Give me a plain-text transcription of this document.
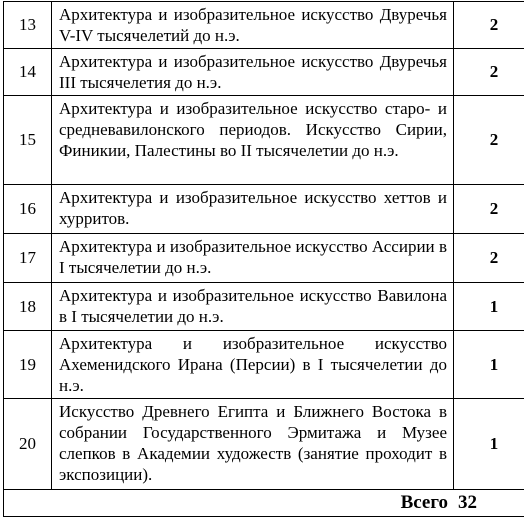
13	Архитектура и изобразительное искусство Двуречья V-IV тысячелетий до н.э.	2
14	Архитектура и изобразительное искусство Двуречья III тысячелетия до н.э.	2
15	Архитектура и изобразительное искусство старо- и средневавилонского периодов. Искусство Сирии, Финикии, Палестины во II тысячелетии до н.э.	2
16	Архитектура и изобразительное искусство хеттов и хурритов.	2
17	Архитектура и изобразительное искусство Ассирии в I тысячелетии до н.э.	2
18	Архитектура и изобразительное искусство Вавилона в I тысячелетии до н.э.	1
19	Архитектура и изобразительное искусство Ахеменидского Ирана (Персии) в I тысячелетии до н.э.	1
20	Искусство Древнего Египта и Ближнего Востока в собрании Государственного Эрмитажа и Музее слепков в Академии художеств (занятие проходит в экспозиции).	1
Всего 32		
